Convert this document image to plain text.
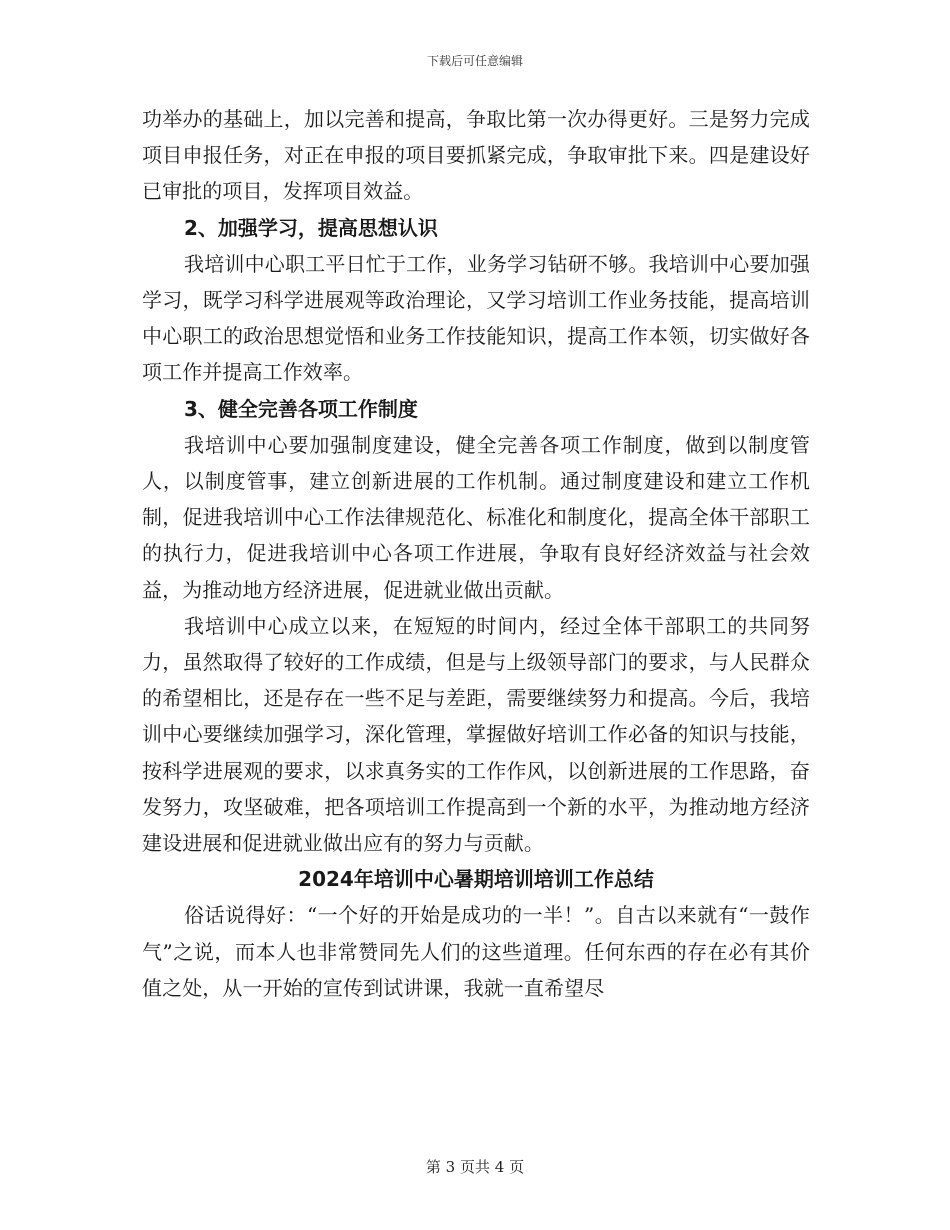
下载后可任意编辑

功举办的基础上，加以完善和提高，争取比第一次办得更好。三是努力完成项目申报任务，对正在申报的项目要抓紧完成，争取审批下来。四是建设好已审批的项目，发挥项目效益。

2、加强学习，提高思想认识

我培训中心职工平日忙于工作，业务学习钻研不够。我培训中心要加强学习，既学习科学进展观等政治理论，又学习培训工作业务技能，提高培训中心职工的政治思想觉悟和业务工作技能知识，提高工作本领，切实做好各项工作并提高工作效率。

3、健全完善各项工作制度

我培训中心要加强制度建设，健全完善各项工作制度，做到以制度管人，以制度管事，建立创新进展的工作机制。通过制度建设和建立工作机制，促进我培训中心工作法律规范化、标准化和制度化，提高全体干部职工的执行力，促进我培训中心各项工作进展，争取有良好经济效益与社会效益，为推动地方经济进展，促进就业做出贡献。

我培训中心成立以来，在短短的时间内，经过全体干部职工的共同努力，虽然取得了较好的工作成绩，但是与上级领导部门的要求，与人民群众的希望相比，还是存在一些不足与差距，需要继续努力和提高。今后，我培训中心要继续加强学习，深化管理，掌握做好培训工作必备的知识与技能，按科学进展观的要求，以求真务实的工作作风，以创新进展的工作思路，奋发努力，攻坚破难，把各项培训工作提高到一个新的水平，为推动地方经济建设进展和促进就业做出应有的努力与贡献。

2024年培训中心暑期培训培训工作总结

俗话说得好：“一个好的开始是成功的一半！”。自古以来就有“一鼓作气”之说，而本人也非常赞同先人们的这些道理。任何东西的存在必有其价值之处，从一开始的宣传到试讲课，我就一直希望尽

第 3 页共 4 页
